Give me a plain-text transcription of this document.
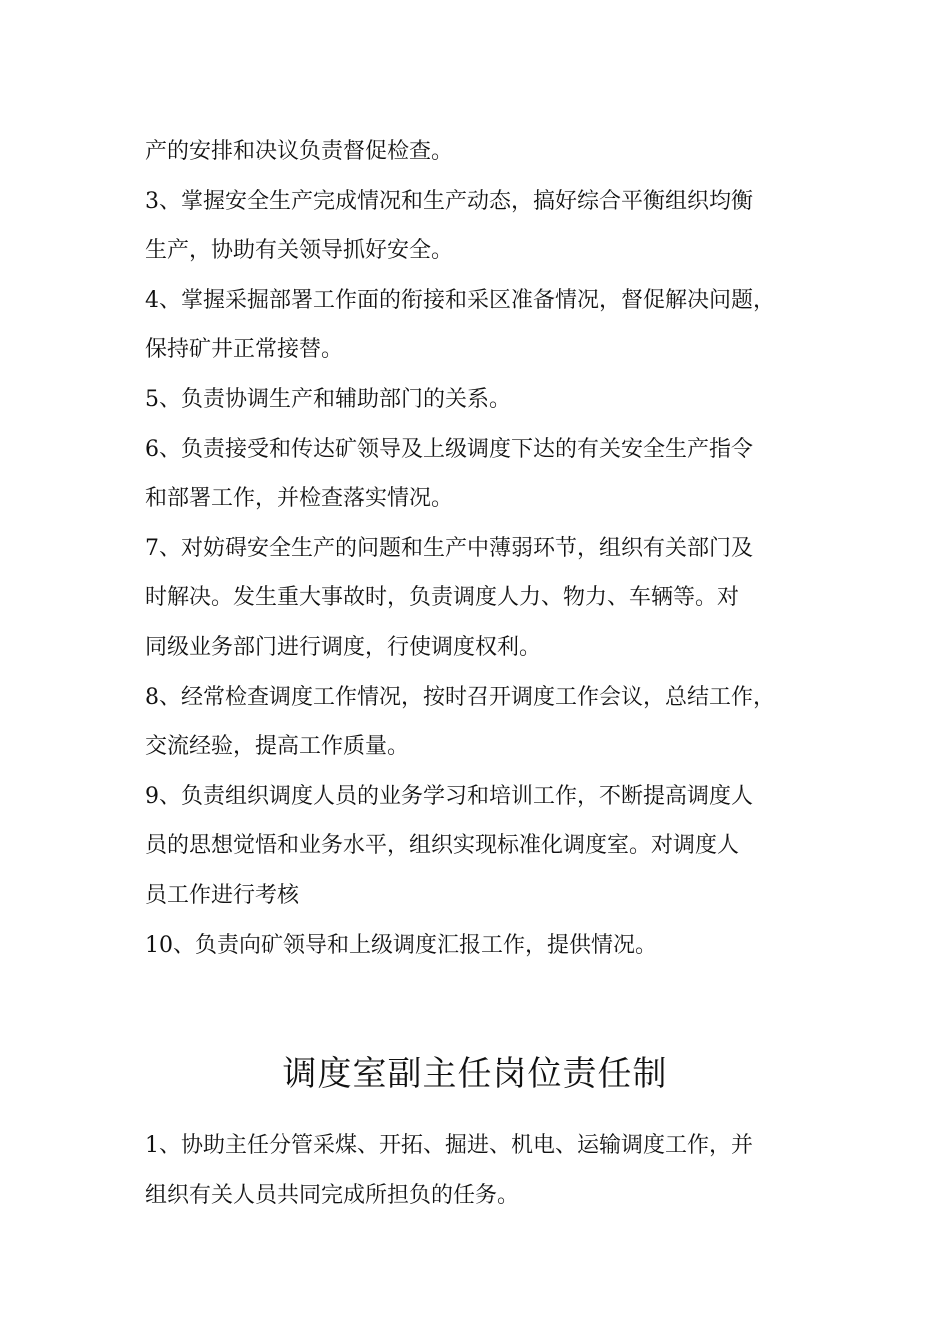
产的安排和决议负责督促检查。
3、掌握安全生产完成情况和生产动态，搞好综合平衡组织均衡
生产，协助有关领导抓好安全。
4、掌握采掘部署工作面的衔接和采区准备情况，督促解决问题，
保持矿井正常接替。
5、负责协调生产和辅助部门的关系。
6、负责接受和传达矿领导及上级调度下达的有关安全生产指令
和部署工作，并检查落实情况。
7、对妨碍安全生产的问题和生产中薄弱环节，组织有关部门及
时解决。发生重大事故时，负责调度人力、物力、车辆等。对
同级业务部门进行调度，行使调度权利。
8、经常检查调度工作情况，按时召开调度工作会议，总结工作，
交流经验，提高工作质量。
9、负责组织调度人员的业务学习和培训工作，不断提高调度人
员的思想觉悟和业务水平，组织实现标准化调度室。对调度人
员工作进行考核
10、负责向矿领导和上级调度汇报工作，提供情况。
调度室副主任岗位责任制
1、协助主任分管采煤、开拓、掘进、机电、运输调度工作，并
组织有关人员共同完成所担负的任务。
